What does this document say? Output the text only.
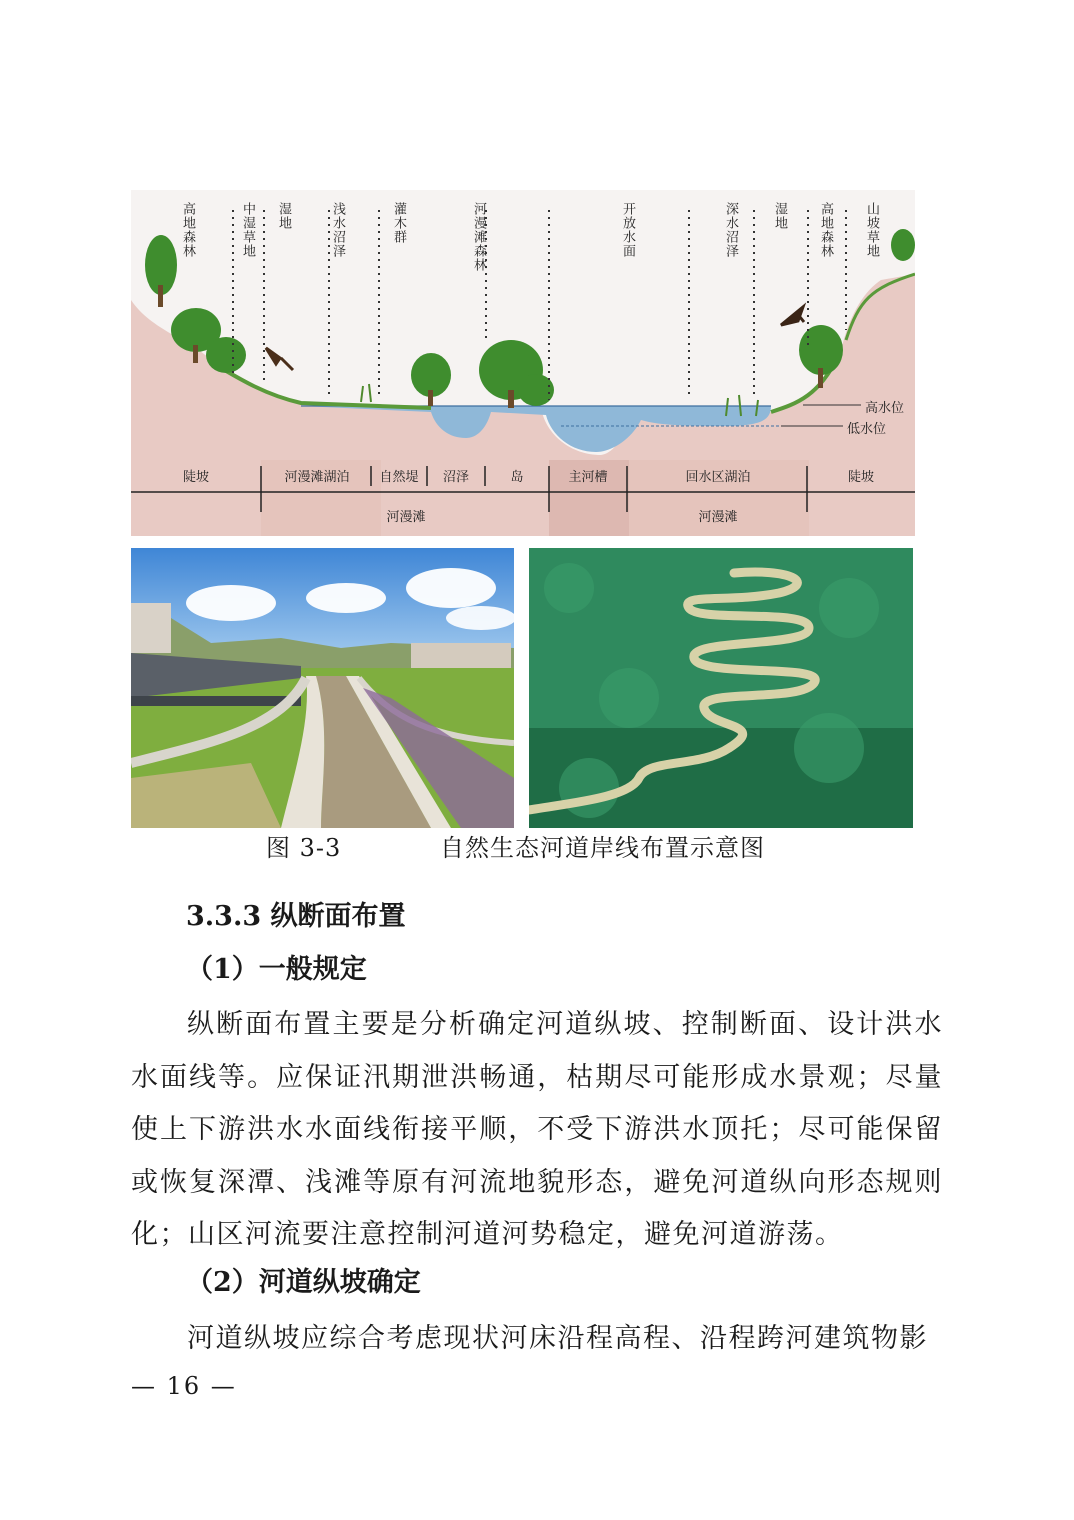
高地森林	中湿草地 湿地	浅水沼泽	灌木群	河漫滩森林	开放水面	深水沼泽	湿地 高地森林 山坡草地
高水位
低水位
陡坡	河漫滩湖泊	自然堤	沼泽	岛	主河槽	回水区湖泊	陡坡
河漫滩	河漫滩
图 3-3	自然生态河道岸线布置示意图
3.3.3 纵断面布置
（1）一般规定
纵断面布置主要是分析确定河道纵坡、控制断面、设计洪水水面线等。应保证汛期泄洪畅通，枯期尽可能形成水景观；尽量使上下游洪水水面线衔接平顺，不受下游洪水顶托；尽可能保留或恢复深潭、浅滩等原有河流地貌形态，避免河道纵向形态规则化；山区河流要注意控制河道河势稳定，避免河道游荡。
（2）河道纵坡确定
河道纵坡应综合考虑现状河床沿程高程、沿程跨河建筑物影
— 16 —
